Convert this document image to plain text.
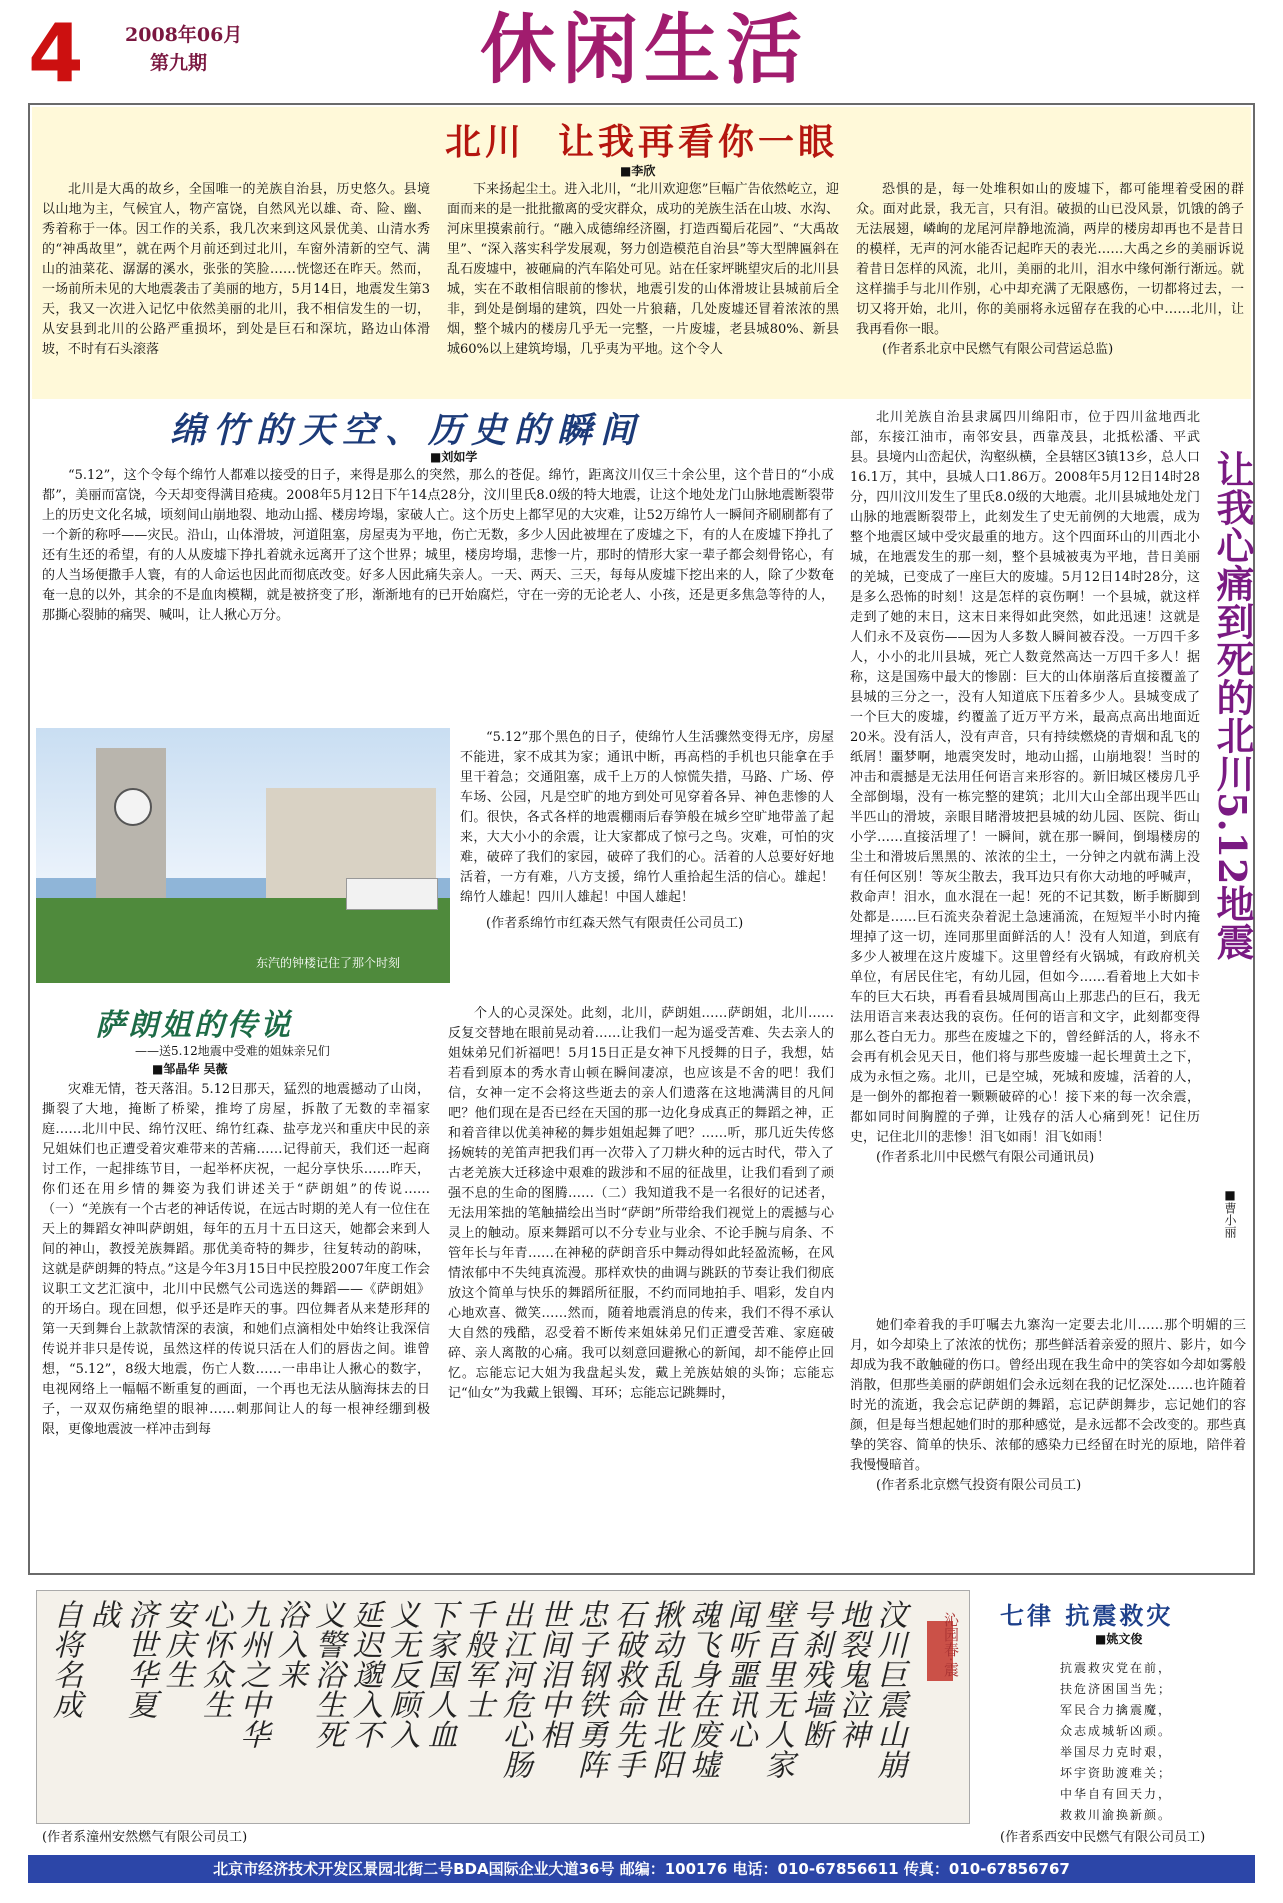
4 2008年06月
第九期	休闲生活
北川  让我再看你一眼
■李欣

北川是大禹的故乡，全国唯一的羌族自治县，历史悠久。县境以山地为主，气候宜人，物产富饶，自然风光以雄、奇、险、幽、秀着称于一体。因工作的关系，我几次来到这风景优美、山清水秀的“神禹故里”，就在两个月前还到过北川，车窗外清新的空气、满山的油菜花、潺潺的溪水，张张的笑脸……恍惚还在昨天。然而，一场前所未见的大地震袭击了美丽的地方，5月14日，地震发生第3天，我又一次进入记忆中依然美丽的北川，我不相信发生的一切，从安县到北川的公路严重损坏，到处是巨石和深坑，路边山体滑坡，不时有石头滚落

下来扬起尘土。进入北川，“北川欢迎您”巨幅广告依然屹立，迎面而来的是一批批撤离的受灾群众，成功的羌族生活在山坡、水沟、河床里摸索前行。“融入成德绵经济圈，打造西蜀后花园”、“大禹故里”、“深入落实科学发展观，努力创造模范自治县”等大型牌匾斜在乱石废墟中，被砸扁的汽车陷处可见。站在任家坪眺望灾后的北川县城，实在不敢相信眼前的惨状，地震引发的山体滑坡让县城前后全非，到处是倒塌的建筑，四处一片狼藉，几处废墟还冒着浓浓的黑烟，整个城内的楼房几乎无一完整，一片废墟，老县城80%、新县城60%以上建筑垮塌，几乎夷为平地。这个令人

恐惧的是，每一处堆积如山的废墟下，都可能埋着受困的群众。面对此景，我无言，只有泪。破损的山已没风景，饥饿的鸽子无法展翅，嶙峋的龙尾河岸静地流淌，两岸的楼房却再也不是昔日的模样，无声的河水能否记起昨天的表光……大禹之乡的美丽诉说着昔日怎样的风流，北川，美丽的北川，泪水中缘何渐行渐远。就这样揣手与北川作别，心中却充满了无限感伤，一切都将过去，一切又将开始，北川，你的美丽将永远留存在我的心中……北川，让我再看你一眼。

(作者系北京中民燃气有限公司营运总监)

绵竹的天空、历史的瞬间
■刘如学

“5.12”，这个令每个绵竹人都难以接受的日子，来得是那么的突然，那么的苍促。绵竹，距离汶川仅三十余公里，这个昔日的“小成都”，美丽而富饶，今天却变得满目疮痍。2008年5月12日下午14点28分，汶川里氏8.0级的特大地震，让这个地处龙门山脉地震断裂带上的历史文化名城，顷刻间山崩地裂、地动山摇、楼房垮塌，家破人亡。这个历史上都罕见的大灾难，让52万绵竹人一瞬间齐刷刷都有了一个新的称呼——灾民。沿山，山体滑坡，河道阻塞，房屋夷为平地，伤亡无数，多少人因此被埋在了废墟之下，有的人在废墟下挣扎了还有生还的希望，有的人从废墟下挣扎着就永远离开了这个世界；城里，楼房垮塌，悲惨一片，那时的情形大家一辈子都会刻骨铭心，有的人当场便撒手人寰，有的人命运也因此而彻底改变。好多人因此痛失亲人。一天、两天、三天，每每从废墟下挖出来的人，除了少数奄奄一息的以外，其余的不是血肉模糊，就是被挤变了形，渐渐地有的已开始腐烂，守在一旁的无论老人、小孩，还是更多焦急等待的人，那撕心裂肺的痛哭、喊叫，让人揪心万分。

东汽的钟楼记住了那个时刻

“5.12”那个黑色的日子，使绵竹人生活骤然变得无序，房屋不能进，家不成其为家；通讯中断，再高档的手机也只能拿在手里干着急；交通阻塞，成千上万的人惊慌失措，马路、广场、停车场、公园，凡是空旷的地方到处可见穿着各异、神色悲惨的人们。很快，各式各样的地震棚雨后春笋般在城乡空旷地带盖了起来，大大小小的余震，让大家都成了惊弓之鸟。灾难，可怕的灾难，破碎了我们的家园，破碎了我们的心。活着的人总要好好地活着，一方有难，八方支援，绵竹人重拾起生活的信心。雄起！绵竹人雄起！四川人雄起！中国人雄起！

(作者系绵竹市红森天然气有限责任公司员工)

北川羌族自治县隶属四川绵阳市，位于四川盆地西北部，东接江油市，南邻安县，西靠茂县，北抵松潘、平武县。县境内山峦起伏，沟壑纵横，全县辖区3镇13乡，总人口16.1万，其中，县城人口1.86万。2008年5月12日14时28分，四川汶川发生了里氏8.0级的大地震。北川县城地处龙门山脉的地震断裂带上，此刻发生了史无前例的大地震，成为整个地震区域中受灾最重的地方。这个四面环山的川西北小城，在地震发生的那一刻，整个县城被夷为平地，昔日美丽的羌城，已变成了一座巨大的废墟。5月12日14时28分，这是多么恐怖的时刻！这是怎样的哀伤啊！一个县城，就这样走到了她的末日，这末日来得如此突然，如此迅速！这就是人们永不及哀伤——因为人多数人瞬间被吞没。一万四千多人，小小的北川县城，死亡人数竟然高达一万四千多人！据称，这是国殇中最大的惨剧：巨大的山体崩落后直接覆盖了县城的三分之一，没有人知道底下压着多少人。县城变成了一个巨大的废墟，约覆盖了近万平方米，最高点高出地面近20米。没有活人，没有声音，只有持续燃烧的青烟和乱飞的纸屑！噩梦啊，地震突发时，地动山摇，山崩地裂！当时的冲击和震撼是无法用任何语言来形容的。新旧城区楼房几乎全部倒塌，没有一栋完整的建筑；北川大山全部出现半匹山半匹山的滑坡，亲眼目睹滑坡把县城的幼儿园、医院、街山小学……直接活埋了！一瞬间，就在那一瞬间，倒塌楼房的尘土和滑坡后黑黑的、浓浓的尘土，一分钟之内就布满上没有任何区别！等灰尘散去，我耳边只有你大动地的呼喊声，救命声！泪水，血水混在一起！死的不记其数，断手断脚到处都是……巨石流夹杂着泥土急速涌流，在短短半小时内掩埋掉了这一切，连同那里面鲜活的人！没有人知道，到底有多少人被埋在这片废墟下。这里曾经有火锅城，有政府机关单位，有居民住宅，有幼儿园，但如今……看着地上大如卡车的巨大石块，再看看县城周围高山上那悲凸的巨石，我无法用语言来表达我的哀伤。任何的语言和文字，此刻都变得那么苍白无力。那些在废墟之下的，曾经鲜活的人，将永不会再有机会见天日，他们将与那些废墟一起长埋黄土之下，成为永恒之殇。北川，已是空城，死城和废墟，活着的人，是一倒外的都抱着一颗颗破碎的心！接下来的每一次余震，都如同时间胸膛的子弹，让残存的活人心痛到死！记住历史，记住北川的悲惨！泪飞如雨！泪飞如雨！

(作者系北川中民燃气有限公司通讯员)

让我心痛到死的北川5.12地震
■曹小丽
萨朗姐的传说
——送5.12地震中受难的姐妹亲兄们
■邹晶华 吴薇

灾难无情，苍天落泪。5.12日那天，猛烈的地震撼动了山岗，撕裂了大地，掩断了桥梁，推垮了房屋，拆散了无数的幸福家庭……北川中民、绵竹汉旺、绵竹红森、盐亭龙兴和重庆中民的亲兄姐妹们也正遭受着灾难带来的苦痛……记得前天，我们还一起商讨工作，一起排练节目，一起举杯庆祝，一起分享快乐……昨天，你们还在用乡情的舞姿为我们讲述关于“萨朗姐”的传说……（一）“羌族有一个古老的神话传说，在远古时期的羌人有一位住在天上的舞蹈女神叫萨朗姐，每年的五月十五日这天，她都会来到人间的神山，教授羌族舞蹈。那优美奇特的舞步，往复转动的韵味，这就是萨朗舞的特点。”这是今年3月15日中民控股2007年度工作会议职工文艺汇演中，北川中民燃气公司选送的舞蹈——《萨朗姐》的开场白。现在回想，似乎还是昨天的事。四位舞者从来楚形拜的第一天到舞台上款款情深的表演，和她们点滴相处中始终让我深信传说并非只是传说，虽然这样的传说只活在人们的唇齿之间。谁曾想，“5.12”，8级大地震，伤亡人数……一串串让人揪心的数字，电视网络上一幅幅不断重复的画面，一个再也无法从脑海抹去的日子，一双双伤痛绝望的眼神……刺那间让人的每一根神经绷到极限，更像地震波一样冲击到每

个人的心灵深处。此刻，北川，萨朗姐……萨朗姐，北川……反复交替地在眼前晃动着……让我们一起为遥受苦难、失去亲人的姐妹弟兄们祈福吧！5月15日正是女神下凡授舞的日子，我想，姑若看到原本的秀水青山顿在瞬间凄凉，也应该是不舍的吧！我们信，女神一定不会将这些逝去的亲人们遗落在这地满满目的凡间吧？他们现在是否已经在天国的那一边化身成真正的舞蹈之神，正和着音律以优美神秘的舞步姐姐起舞了吧？……听，那几近失传悠扬婉转的羌笛声把我们再一次带入了刀耕火种的远古时代，带入了古老羌族大迁移途中艰难的跋涉和不屈的征战里，让我们看到了顽强不息的生命的图腾……（二）我知道我不是一名很好的记述者，无法用笨拙的笔触描绘出当时“萨朗”所带给我们视觉上的震撼与心灵上的触动。原来舞蹈可以不分专业与业余、不论手腕与肩条、不管年长与年青……在神秘的萨朗音乐中舞动得如此轻盈流畅，在风情浓郁中不失纯真流漫。那样欢快的曲调与跳跃的节奏让我们彻底放这个简单与快乐的舞蹈所征服，不约而同地拍手、唱彩，发自内心地欢喜、微笑……然而，随着地震消息的传来，我们不得不承认大自然的残酷，忍受着不断传来姐妹弟兄们正遭受苦难、家庭破碎、亲人离散的心痛。我可以刻意回避揪心的新闻，却不能停止回忆。忘能忘记大姐为我盘起头发，戴上羌族姑娘的头饰；忘能忘记“仙女”为我戴上银镯、耳环；忘能忘记跳舞时，

她们牵着我的手叮嘱去九寨沟一定要去北川……那个明媚的三月，如今却染上了浓浓的忧伤；那些鲜活着亲爱的照片、影片，如今却成为我不敢触碰的伤口。曾经出现在我生命中的笑容如今却如雾般消散，但那些美丽的萨朗姐们会永远刻在我的记忆深处……也许随着时光的流逝，我会忘记萨朗的舞蹈，忘记萨朗舞步，忘记她们的容颜，但是每当想起她们时的那种感觉，是永远都不会改变的。那些真挚的笑容、简单的快乐、浓郁的感染力已经留在时光的原地，陪伴着我慢慢暗首。

(作者系北京燃气投资有限公司员工)

汶川巨震山崩
地裂鬼泣神
号刹残墙断
壁百里无人家
闻听噩讯心
魂飞身在废墟
揪动乱世北阳
石破救命先手
忠子钢铁勇阵
世间泪中相
出江河危心肠
千般军士
下家国人血
义无反顾入
延迟邈入不
义警浴生死
浴入来
九州之中华
心怀众生
安庆生
济世华夏
战
自将名成	沁园春·震
(作者系潼州安然燃气有限公司员工)
七律 抗震救灾
■姚文俊
抗震救灾党在前，
扶危济困国当先；
军民合力擒震魔，
众志成城斩凶顽。
举国尽力克时艰，
坏宇资助渡难关；
中华自有回天力，
救救川渝换新颜。
(作者系西安中民燃气有限公司员工)
北京市经济技术开发区景园北街二号BDA国际企业大道36号 邮编：100176 电话：010-67856611 传真：010-67856767
